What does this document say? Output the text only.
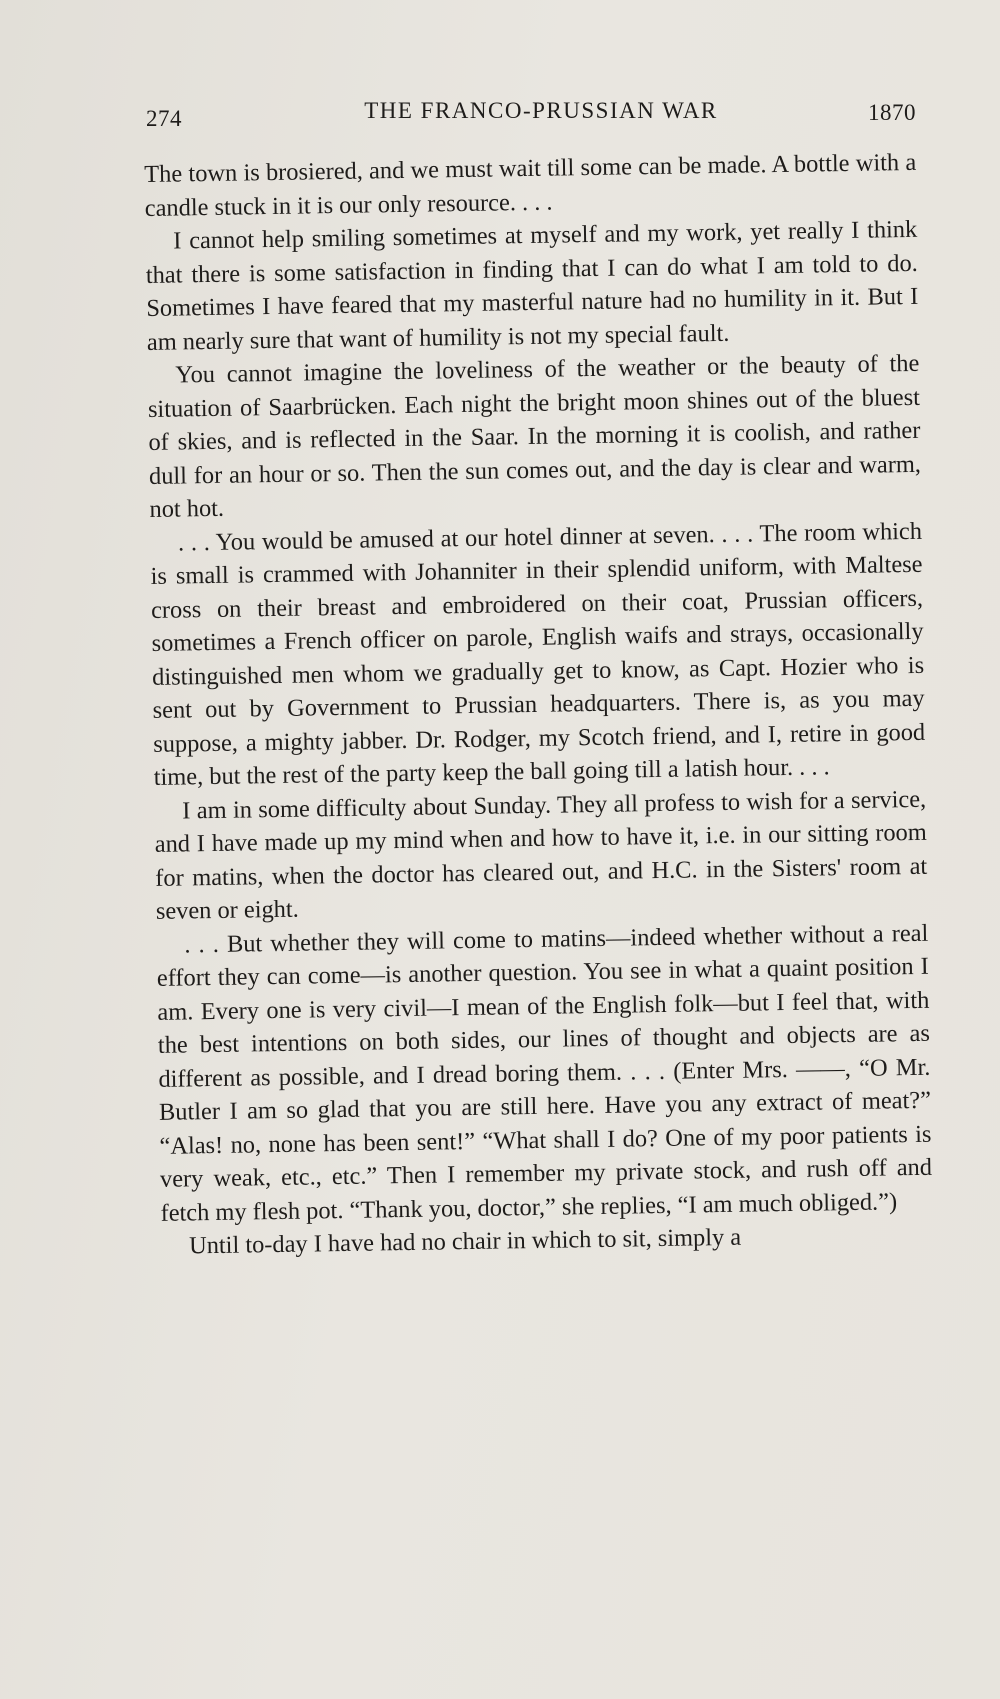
274	THE FRANCO-PRUSSIAN WAR	1870

The town is brosiered, and we must wait till some can be made. A bottle with a candle stuck in it is our only resource. . . .

I cannot help smiling sometimes at myself and my work, yet really I think that there is some satisfaction in finding that I can do what I am told to do. Sometimes I have feared that my masterful nature had no humility in it. But I am nearly sure that want of humility is not my special fault.

You cannot imagine the loveliness of the weather or the beauty of the situation of Saarbrücken. Each night the bright moon shines out of the bluest of skies, and is reflected in the Saar. In the morning it is coolish, and rather dull for an hour or so. Then the sun comes out, and the day is clear and warm, not hot.

. . . You would be amused at our hotel dinner at seven. . . . The room which is small is crammed with Johanniter in their splendid uniform, with Maltese cross on their breast and embroidered on their coat, Prussian officers, sometimes a French officer on parole, English waifs and strays, occasionally distinguished men whom we gradually get to know, as Capt. Hozier who is sent out by Government to Prussian headquarters. There is, as you may suppose, a mighty jabber. Dr. Rodger, my Scotch friend, and I, retire in good time, but the rest of the party keep the ball going till a latish hour. . . .

I am in some difficulty about Sunday. They all profess to wish for a service, and I have made up my mind when and how to have it, i.e. in our sitting room for matins, when the doctor has cleared out, and H.C. in the Sisters' room at seven or eight.

. . . But whether they will come to matins—indeed whether without a real effort they can come—is another question. You see in what a quaint position I am. Every one is very civil—I mean of the English folk—but I feel that, with the best intentions on both sides, our lines of thought and objects are as different as possible, and I dread boring them. . . . (Enter Mrs. ——, “O Mr. Butler I am so glad that you are still here. Have you any extract of meat?” “Alas! no, none has been sent!” “What shall I do? One of my poor patients is very weak, etc., etc.” Then I remember my private stock, and rush off and fetch my flesh pot. “Thank you, doctor,” she replies, “I am much obliged.”)

Until to-day I have had no chair in which to sit, simply a
